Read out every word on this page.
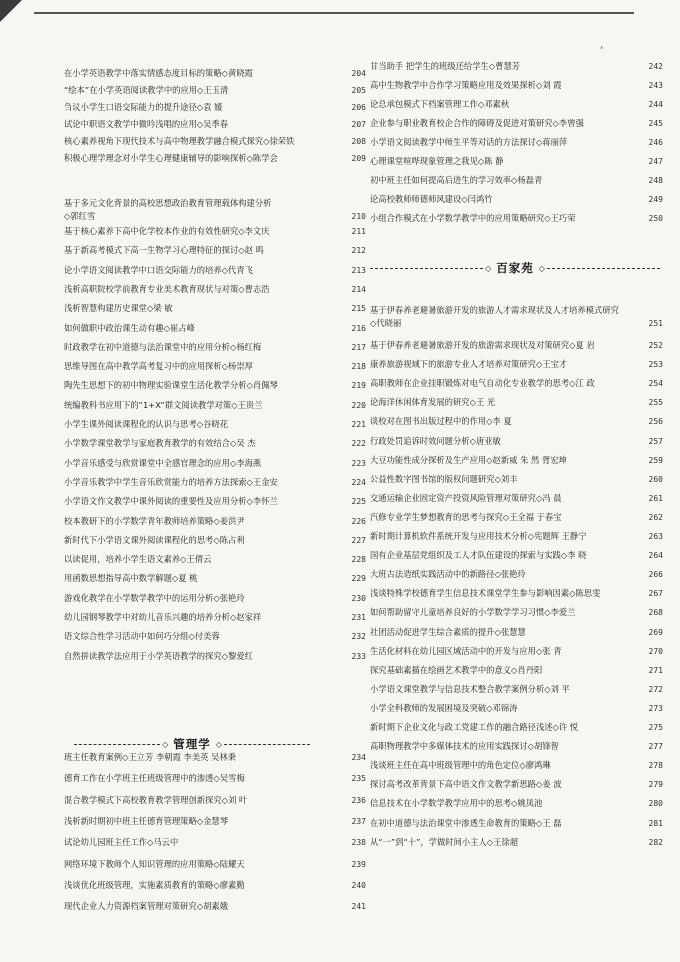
*
在小学英语教学中落实情感态度目标的策略◇黄晓霞	204
“绘本”在小学英语阅读教学中的应用◇王玉清	205
刍议小学生口语交际能力的提升途径◇袁 媛	206
试论中职语文教学中微吟浅唱的应用◇吴季春	207
核心素养视角下现代技术与高中物理教学融合模式探究◇徐荣铁	208
积极心理学理念对小学生心理健康辅导的影响探析◇陈学会	209
基于多元文化背景的高校思想政治教育管理载体构建分析
◇郭红雪	210
基于核心素养下高中化学校本作业的有效性研究◇李文庆	211
基于新高考模式下高一生物学习心理特征的探讨◇赵 鸣	212
论小学语文阅读教学中口语交际能力的培养◇代青飞	213
浅析高职院校学前教育专业美术教育现状与对策◇曹志浩	214
浅析智慧构建历史课堂◇梁 敏	215
如何做职中政治课生动有趣◇崔占峰	216
时政教学在初中道德与法治课堂中的应用分析◇杨红梅	217
思维导图在高中教学高考复习中的应用探析◇杨崇厚	218
陶先生思想下的初中物理实验课堂生活化教学分析◇肖佩琴	219
统编教科书应用下的“1+X”群文阅读教学对策◇王贵兰	220
小学生课外阅读课程化的认识与思考◇谷晓花	221
小学数学课堂教学与家庭教育教学的有效结合◇吴 杰	222
小学音乐感受与欣赏课堂中全感官理念的应用◇李海燕	223
小学音乐教学中学生音乐欣赏能力的培养方法探索◇王金安	224
小学语文作文教学中课外阅读的重要性及应用分析◇李怀兰	225
校本教研下的小学数学青年教师培养策略◇姜洪尹	226
新时代下小学语文课外阅读课程化的思考◇陈占利	227
以读促用，培养小学生语文素养◇王倩云	228
用函数思想指导高中数学解题◇夏 桃	229
游戏化教学在小学数学教学中的运用分析◇张艳玲	230
幼儿园钢琴教学中对幼儿音乐兴趣的培养分析◇赵家祥	231
语文综合性学习活动中如何巧分组◇付美蓉	232
自然拼读教学法应用于小学英语教学的探究◇黎爱红	233
◇ 管理学 ◇
班主任教育案例◇王立芳 李朝霞 李美英 吴林秉	234
德育工作在小学班主任班级管理中的渗透◇吴雪梅	235
混合教学模式下高校教育教学管理创新探究◇刘 叶	236
浅析新时期初中班主任德育管理策略◇金慧琴	237
试论幼儿园班主任工作◇马云中	238
网络环境下教师个人知识管理的应用策略◇陆耀天	239
浅谈优化班级管理，实施素质教育的策略◇廖素勤	240
现代企业人力资源档案管理对策研究◇胡素娥	241
甘当助手 把学生的班级还给学生◇曹慧芳	242
高中生物教学中合作学习策略应用及效果探析◇刘 霞	243
论总承包模式下档案管理工作◇邓素秋	244
企业参与职业教育校企合作的障碍及促进对策研究◇李曾强	245
小学语文阅读教学中师生平等对话的方法探讨◇蒋丽萍	246
心理课堂喧哗现象管理之我见◇陈 静	247
初中班主任如何提高后进生的学习效率◇杨磊青	248
论高校教师师德师风建设◇闫鸿竹	249
小组合作模式在小学数学教学中的应用策略研究◇王巧荣	250
◇ 百家苑 ◇
基于伊春养老避暑旅游开发的旅游人才需求现状及人才培养模式研究
◇代晓丽	251
基于伊春养老避暑旅游开发的旅游需求现状及对策研究◇夏 岩	252
康养旅游视域下的旅游专业人才培养对策研究◇王宝才	253
高职教师在企业挂职锻炼对电气自动化专业教学的思考◇江 政	254
论海洋休闲体育发展的研究◇王 光	255
谈校对在图书出版过程中的作用◇李 夏	256
行政处罚追诉时效问题分析◇唐亚敏	257
大豆功能性成分探析及生产应用◇赵新威 朱 然 胥宏坤	259
公益性数字图书馆的版权问题研究◇刘丰	260
交通运输企业固定资产投资风险管理对策研究◇冯 晨	261
汽修专业学生梦想教育的思考与探究◇王全福 于春宝	262
新时期计算机软件系统开发与应用技术分析◇宪题辉 王静宁	263
国有企业基层党组织及工人才队伍建设的探索与实践◇李 晓	264
大班古法造纸实践活动中的新路径◇张艳玲	266
浅谈特殊学校德育学生信息技术课堂学生参与影响因素◇陈思雯	267
如何帮助留守儿童培养良好的小学数学学习习惯◇李爱兰	268
社团活动促进学生综合素质的提升◇张慧慧	269
生活化材料在幼儿园区域活动中的开发与应用◇张 青	270
探究基础素描在绘画艺术教学中的意义◇肖丹阳	271
小学语文课堂教学与信息技术整合教学案例分析◇刘 平	272
小学全科教师的发展困境及突破◇邓锦涛	273
新时期下企业文化与政工党建工作的融合路径浅述◇许 悦	275
高职物理教学中多媒体技术的应用实践探讨◇胡锋智	277
浅谈班主任在高中班级管理中的角色定位◇廖鸿琳	278
探讨高考改革背景下高中语文作文教学新思路◇姜 波	279
信息技术在小学数学教学应用中的思考◇姚凤池	280
在初中道德与法治课堂中渗透生命教育的策略◇王 磊	281
从“一”到“十”，学做时间小主人◇王徐超	282
